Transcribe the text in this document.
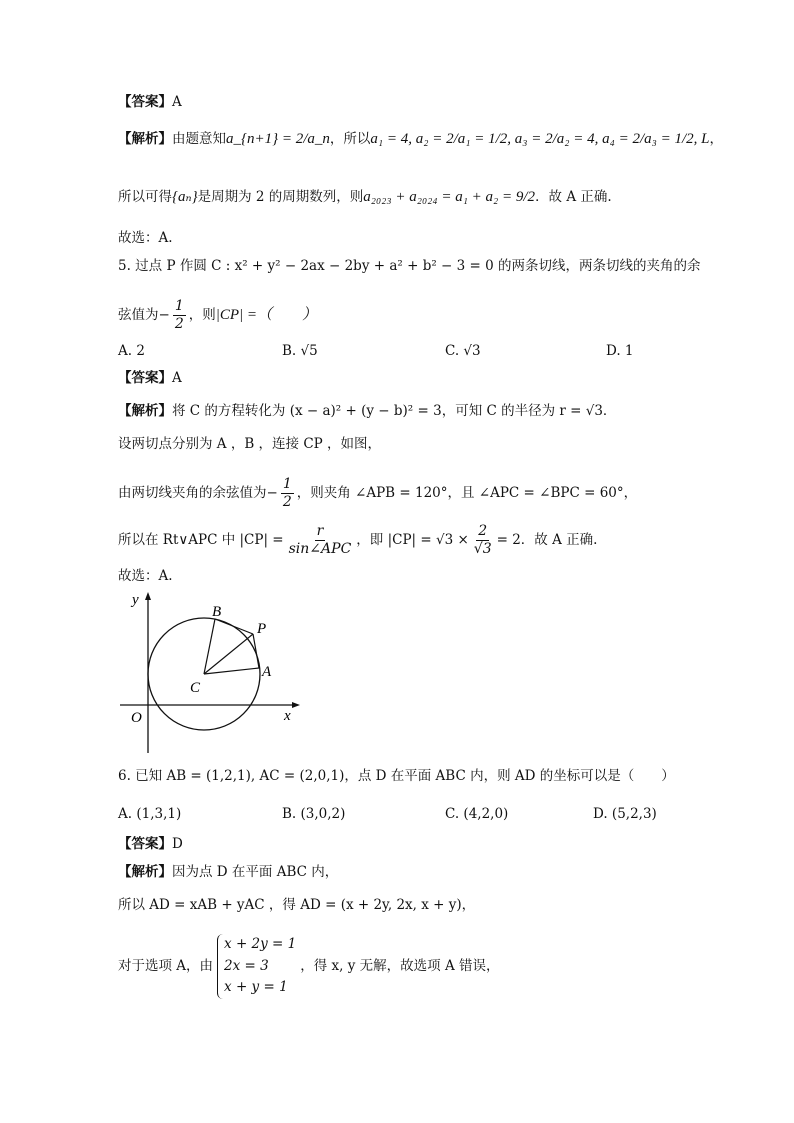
【答案】A
【解析】由题意知a_{n+1} = 2/a_n，所以a₁ = 4, a₂ = 2/a₁ = 1/2, a₃ = 2/a₂ = 4, a₄ = 2/a₃ = 1/2, L，
所以可得{aₙ}是周期为 2 的周期数列，则a₂₀₂₃ + a₂₀₂₄ = a₁ + a₂ = 9/2．故 A 正确.
故选：A.
5. 过点 P 作圆 C : x² + y² − 2ax − 2by + a² + b² − 3 = 0 的两条切线，两条切线的夹角的余
弦值为− $\frac{1}{2}$ ，则|CP| =（　　）
A. 2	B. √5	C. √3	D. 1
【答案】A
【解析】将 C 的方程转化为 (x − a)² + (y − b)² = 3，可知 C 的半径为 r = √3．
设两切点分别为 A ，B ，连接 CP ，如图，
由两切线夹角的余弦值为− $\frac{1}{2}$ ，则夹角 ∠APB = 120°，且 ∠APC = ∠BPC = 60°，
所以在 Rt∨APC 中 $|CP| = \frac{r}{\text{sin∠APC}}$ ，即 $|CP| = √3 \times \frac{2}{√3} = 2$．故 A 正确.
故选：A.
y
B
P
A
C
O	x
6. 已知 AB = (1,2,1), AC = (2,0,1)，点 D 在平面 ABC 内，则 AD 的坐标可以是（　　）
A. (1,3,1)	B. (3,0,2)	C. (4,2,0)	D. (5,2,3)
【答案】D
【解析】因为点 D 在平面 ABC 内，
所以 AD = xAB + yAC ，得 AD = (x + 2y, 2x, x + y)，
对于选项 A，由
x + 2y = 1
2x = 3
x + y = 1
，得 x, y 无解，故选项 A 错误，
